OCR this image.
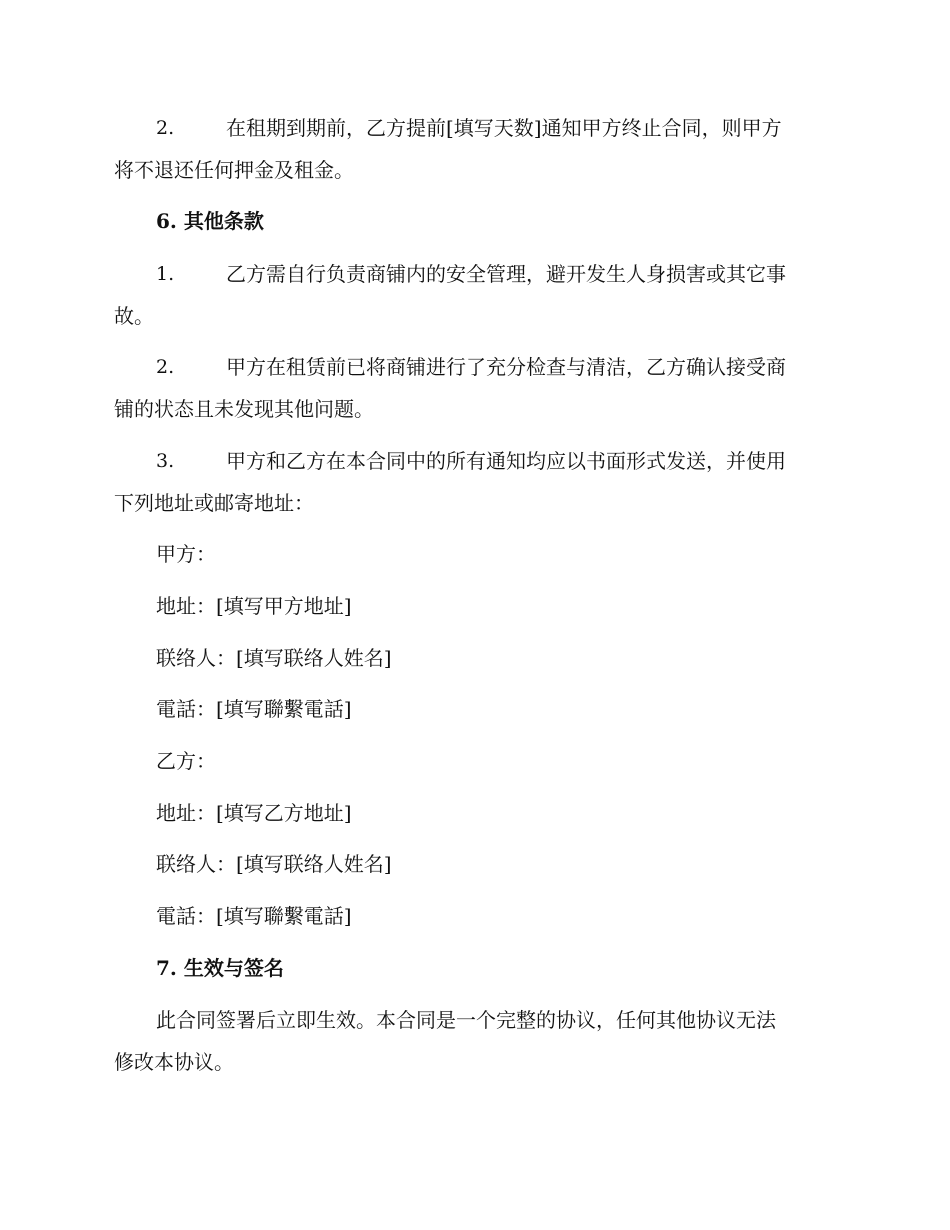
2.	在租期到期前，乙方提前[填写天数]通知甲方终止合同，则甲方
将不退还任何押金及租金。
6. 其他条款
1.	乙方需自行负责商铺内的安全管理，避开发生人身损害或其它事
故。
2.	甲方在租赁前已将商铺进行了充分检查与清洁，乙方确认接受商
铺的状态且未发现其他问题。
3.	甲方和乙方在本合同中的所有通知均应以书面形式发送，并使用
下列地址或邮寄地址：
甲方：
地址：[填写甲方地址]
联络人：[填写联络人姓名]
電話：[填写聯繫電話]
乙方：
地址：[填写乙方地址]
联络人：[填写联络人姓名]
電話：[填写聯繫電話]
7. 生效与签名
此合同签署后立即生效。本合同是一个完整的协议，任何其他协议无法
修改本协议。
